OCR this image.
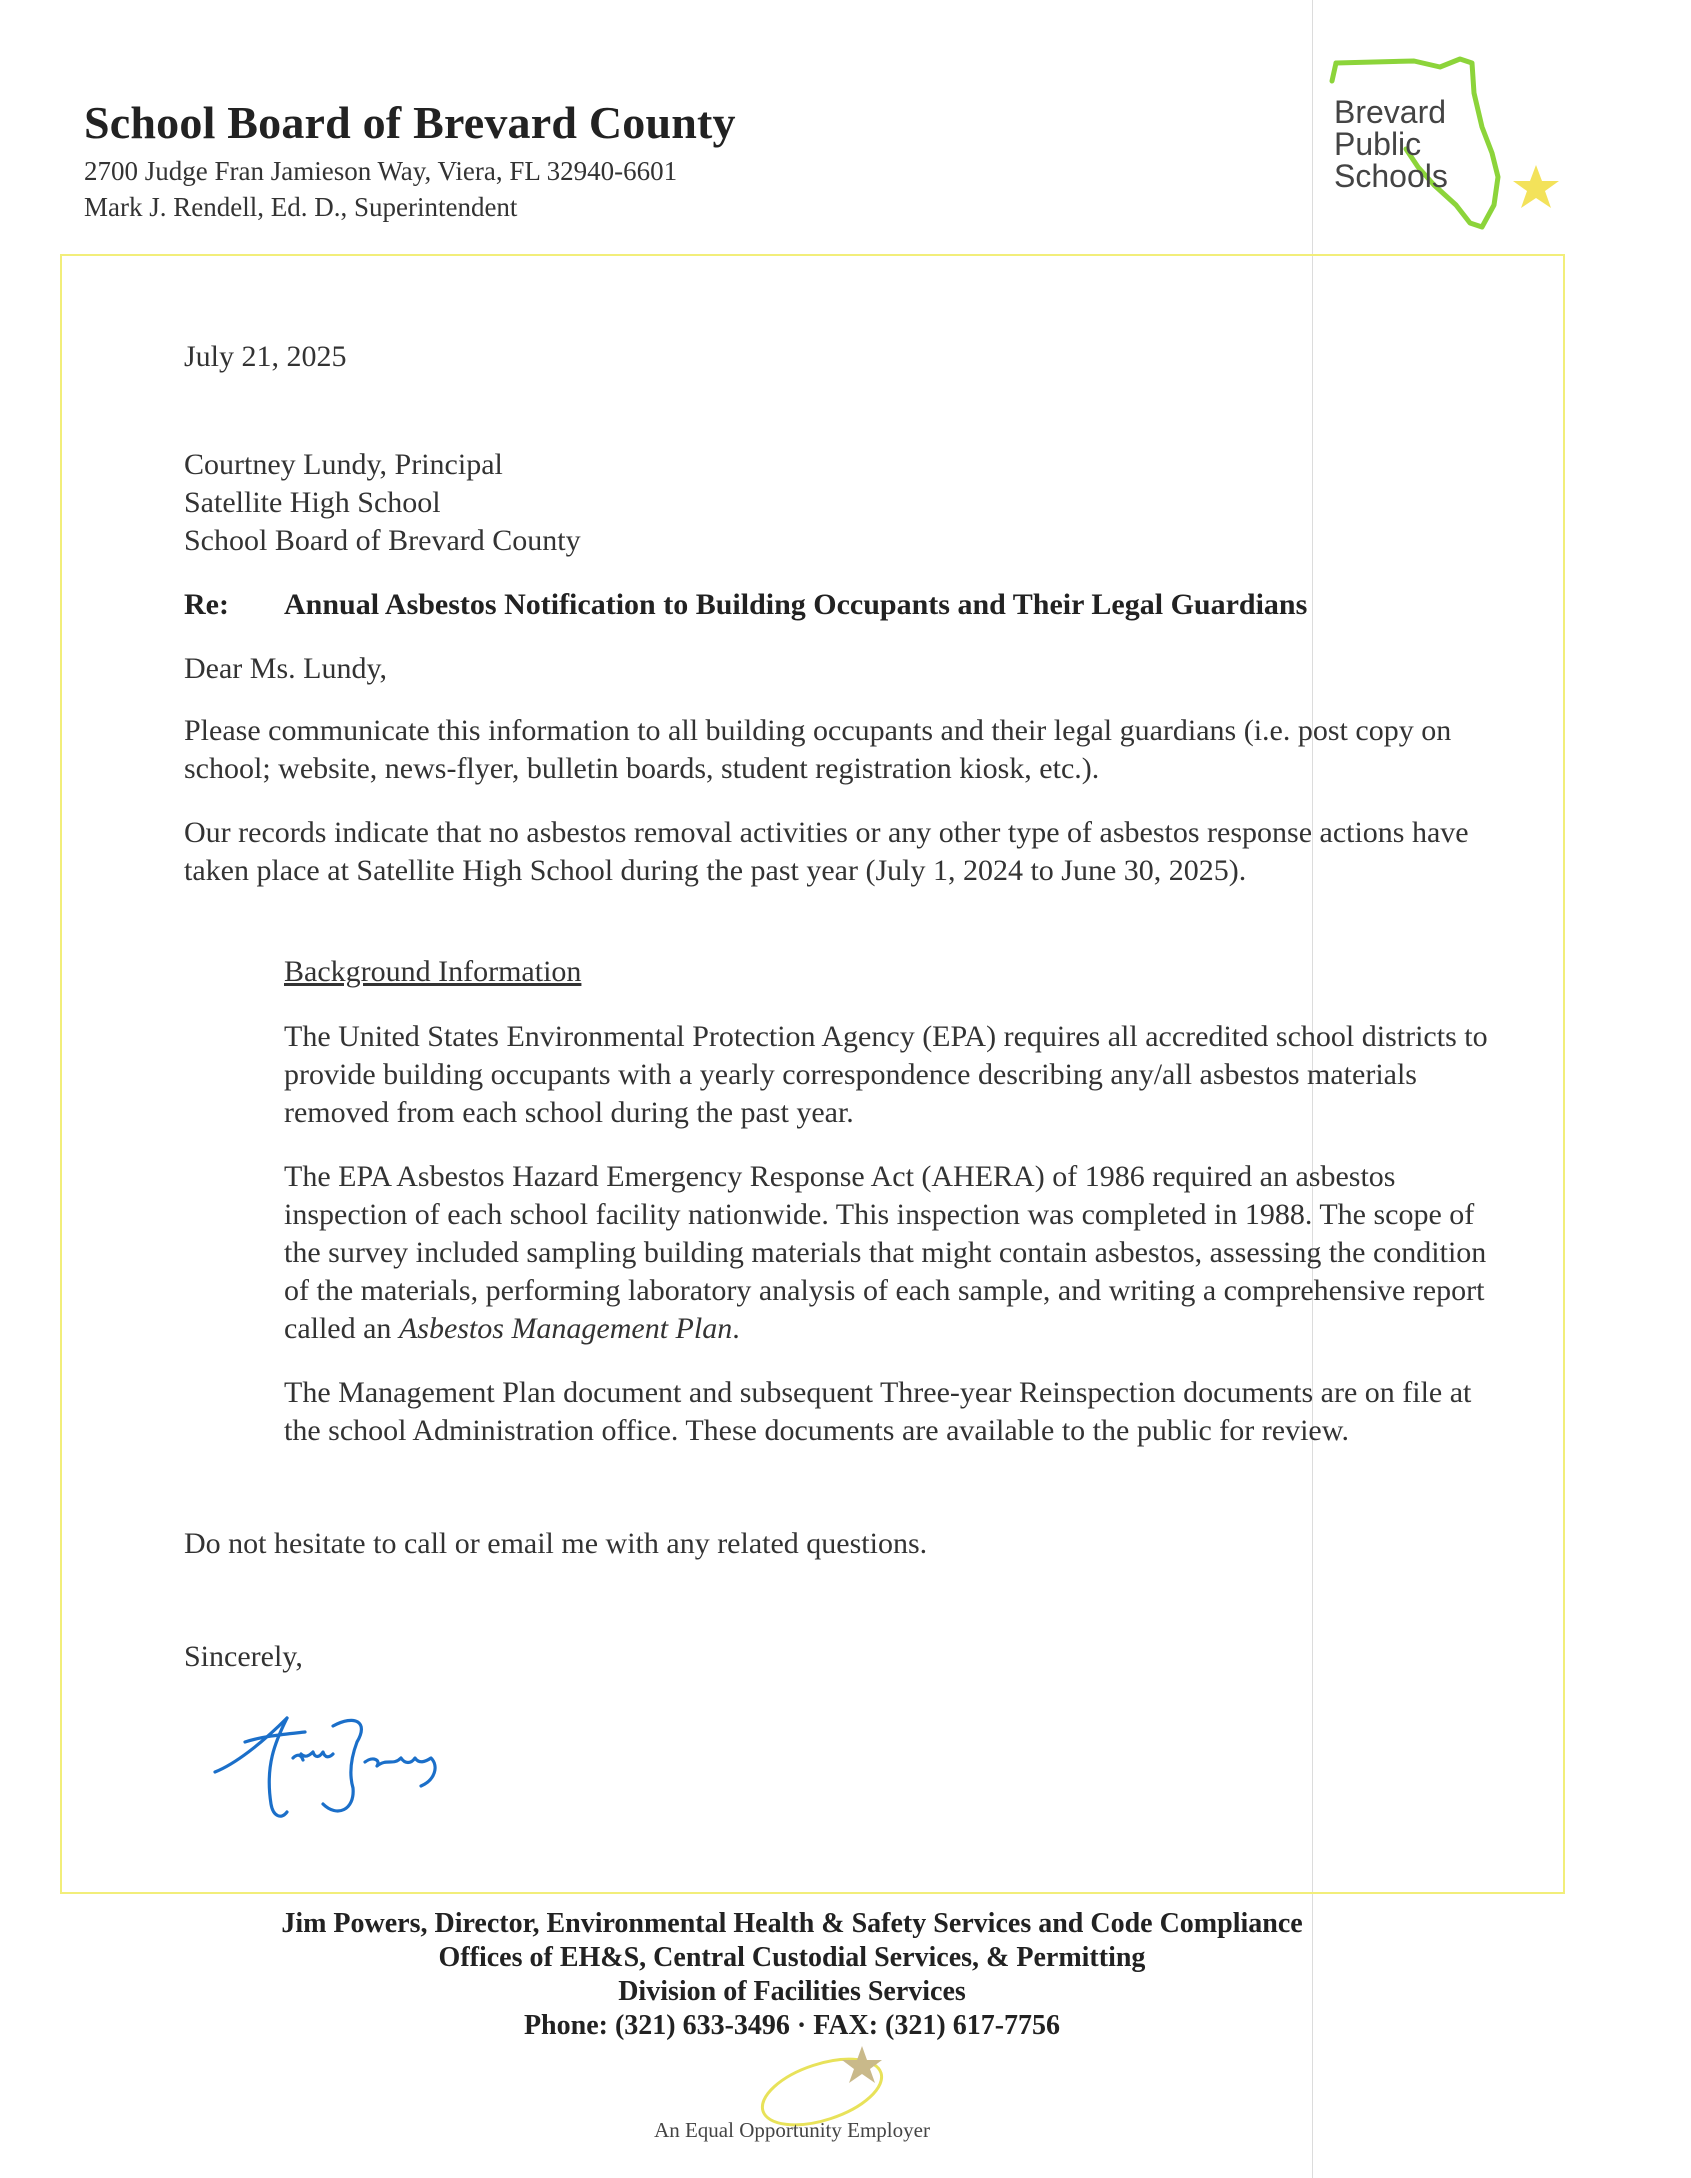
School Board of Brevard County
2700 Judge Fran Jamieson Way, Viera, FL 32940-6601
Mark J. Rendell, Ed. D., Superintendent
Brevard
Public
Schools
July 21, 2025
Courtney Lundy, Principal
Satellite High School
School Board of Brevard County
Re: Annual Asbestos Notification to Building Occupants and Their Legal Guardians
Dear Ms. Lundy,
Please communicate this information to all building occupants and their legal guardians (i.e. post copy on school; website, news-flyer, bulletin boards, student registration kiosk, etc.).
Our records indicate that no asbestos removal activities or any other type of asbestos response actions have taken place at Satellite High School during the past year (July 1, 2024 to June 30, 2025).
Background Information
The United States Environmental Protection Agency (EPA) requires all accredited school districts to provide building occupants with a yearly correspondence describing any/all asbestos materials removed from each school during the past year.
The EPA Asbestos Hazard Emergency Response Act (AHERA) of 1986 required an asbestos inspection of each school facility nationwide. This inspection was completed in 1988. The scope of the survey included sampling building materials that might contain asbestos, assessing the condition of the materials, performing laboratory analysis of each sample, and writing a comprehensive report called an Asbestos Management Plan.
The Management Plan document and subsequent Three-year Reinspection documents are on file at the school Administration office. These documents are available to the public for review.
Do not hesitate to call or email me with any related questions.
Sincerely,
Jim Powers, Director, Environmental Health & Safety Services and Code Compliance
Offices of EH&S, Central Custodial Services, & Permitting
Division of Facilities Services
Phone: (321) 633-3496 · FAX: (321) 617-7756
An Equal Opportunity Employer
